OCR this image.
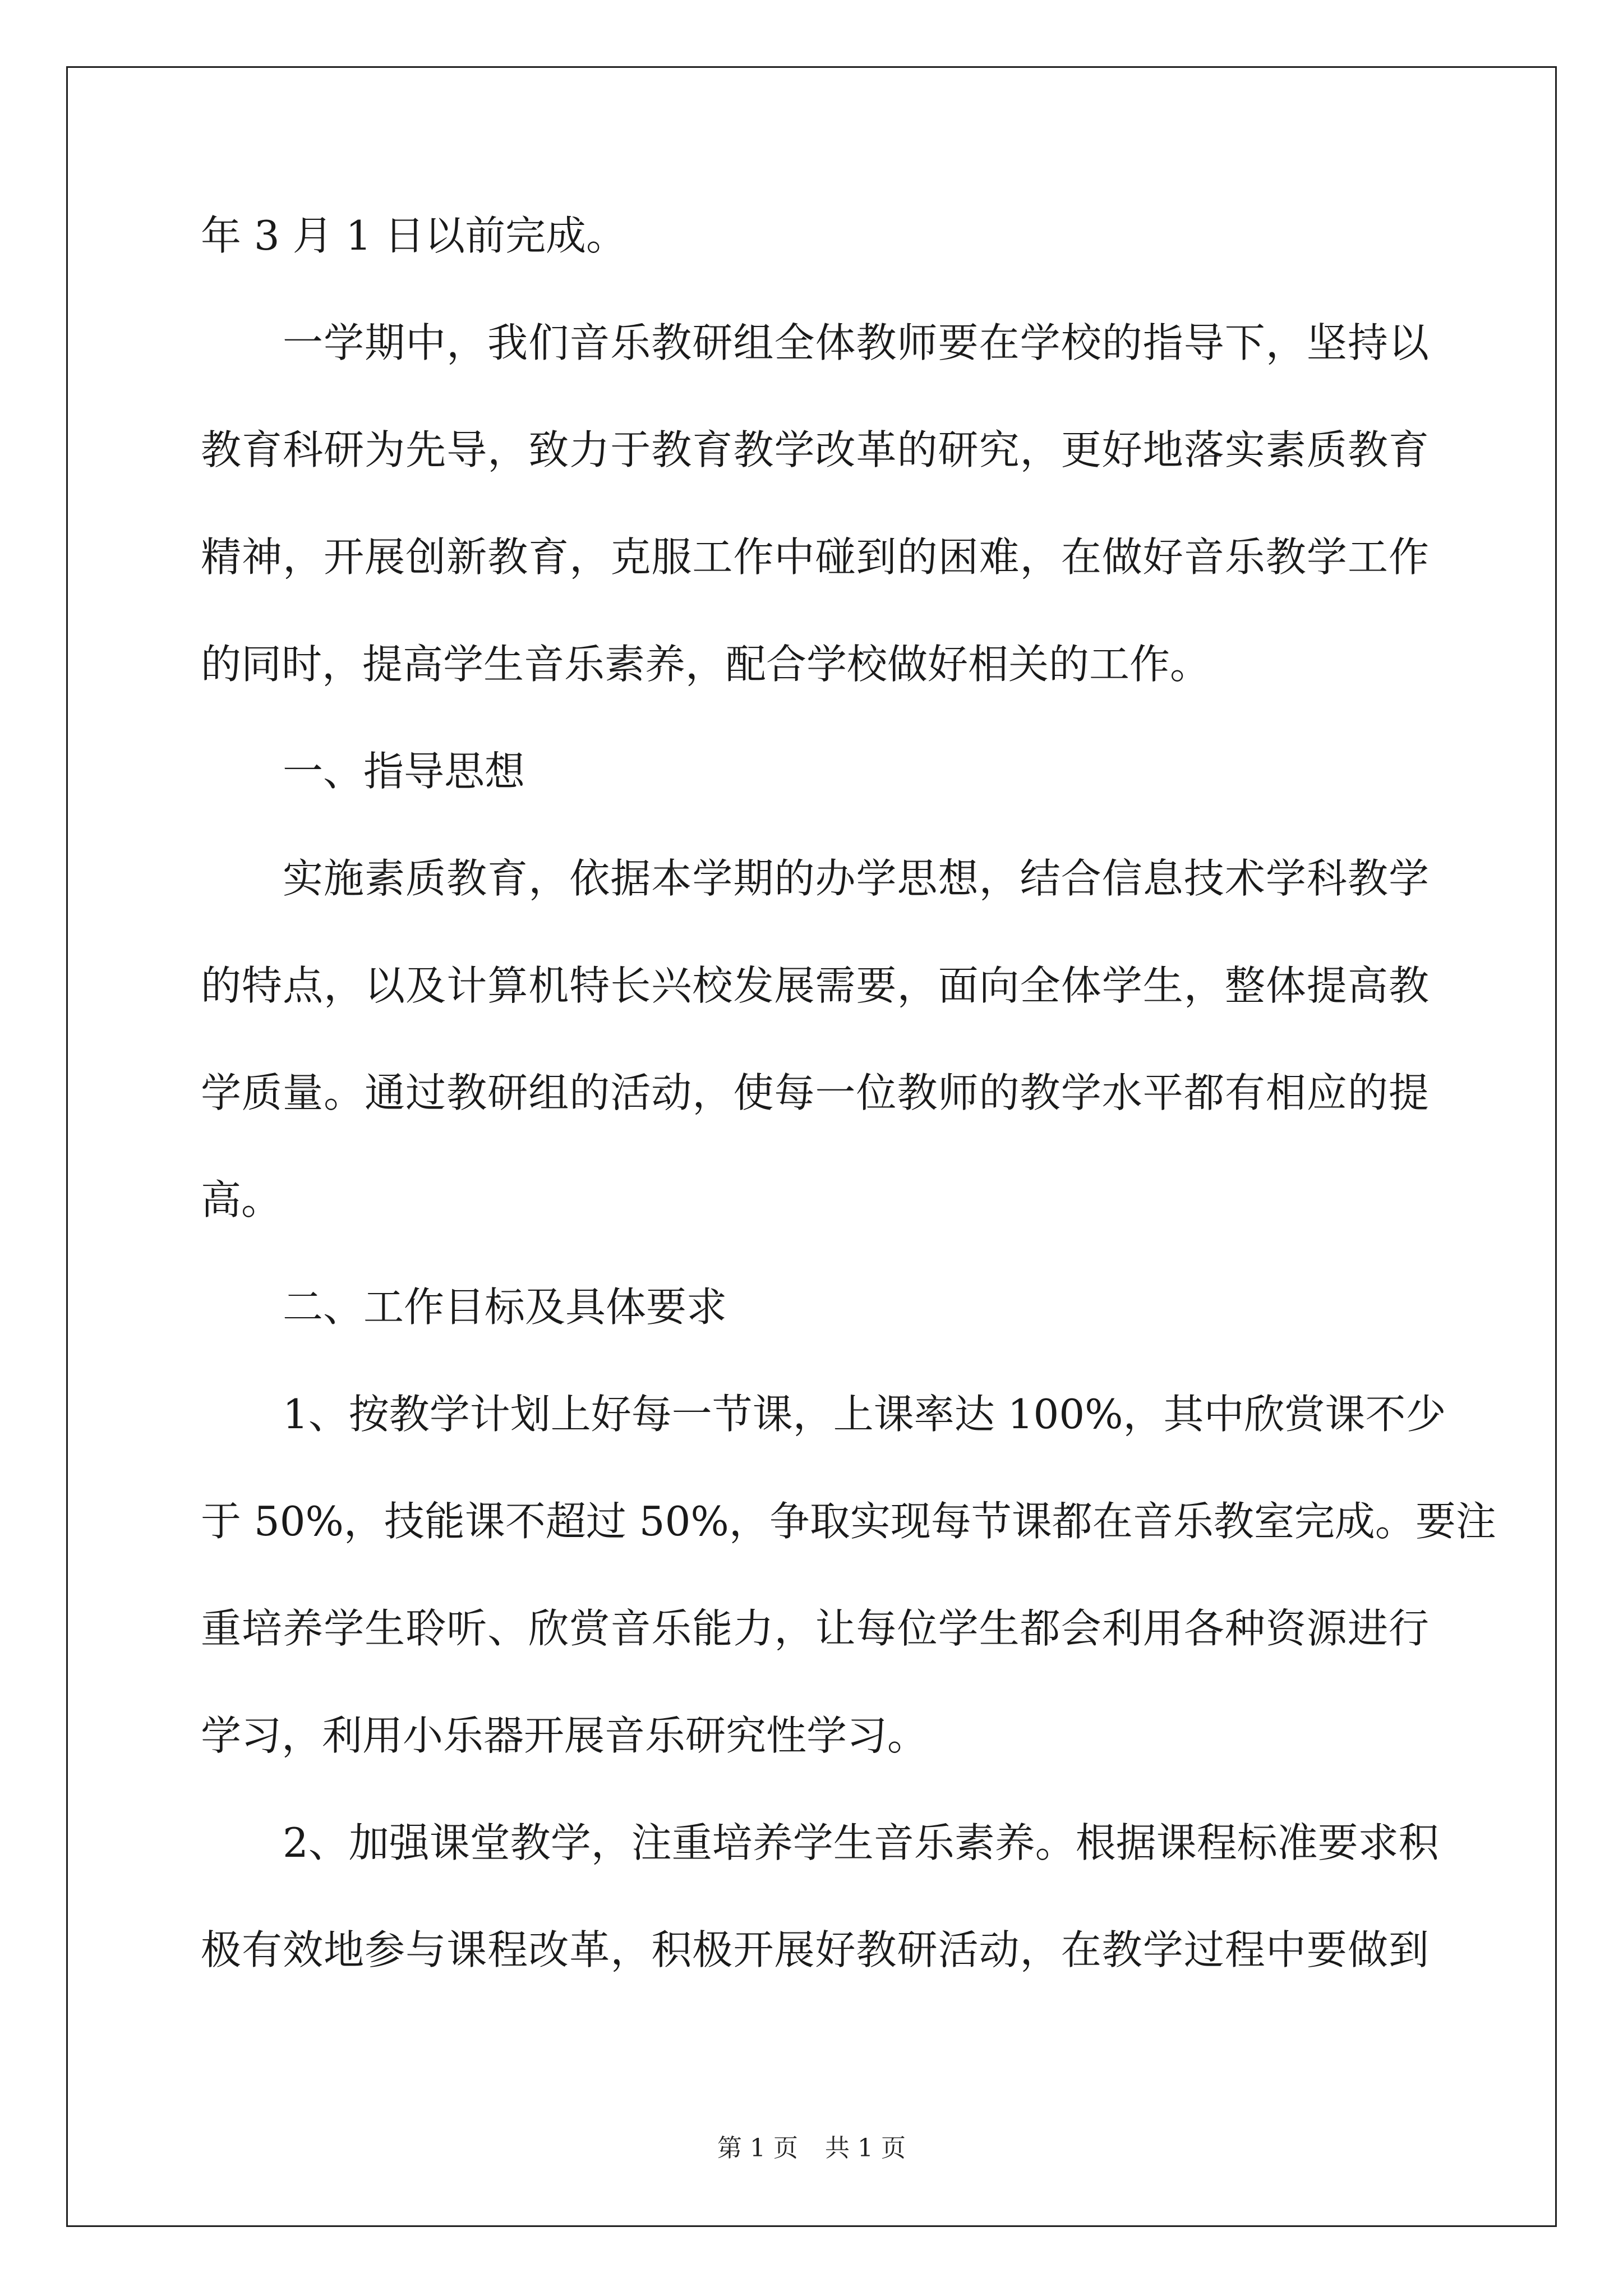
年 3 月 1 日以前完成。
一学期中，我们音乐教研组全体教师要在学校的指导下，坚持以
教育科研为先导，致力于教育教学改革的研究，更好地落实素质教育
精神，开展创新教育，克服工作中碰到的困难，在做好音乐教学工作
的同时，提高学生音乐素养，配合学校做好相关的工作。
一、指导思想
实施素质教育，依据本学期的办学思想，结合信息技术学科教学
的特点，以及计算机特长兴校发展需要，面向全体学生，整体提高教
学质量。通过教研组的活动，使每一位教师的教学水平都有相应的提
高。
二、工作目标及具体要求
1、按教学计划上好每一节课，上课率达 100%，其中欣赏课不少
于 50%，技能课不超过 50%，争取实现每节课都在音乐教室完成。要注
重培养学生聆听、欣赏音乐能力，让每位学生都会利用各种资源进行
学习，利用小乐器开展音乐研究性学习。
2、加强课堂教学，注重培养学生音乐素养。根据课程标准要求积
极有效地参与课程改革，积极开展好教研活动，在教学过程中要做到
第 1 页 共 1 页
